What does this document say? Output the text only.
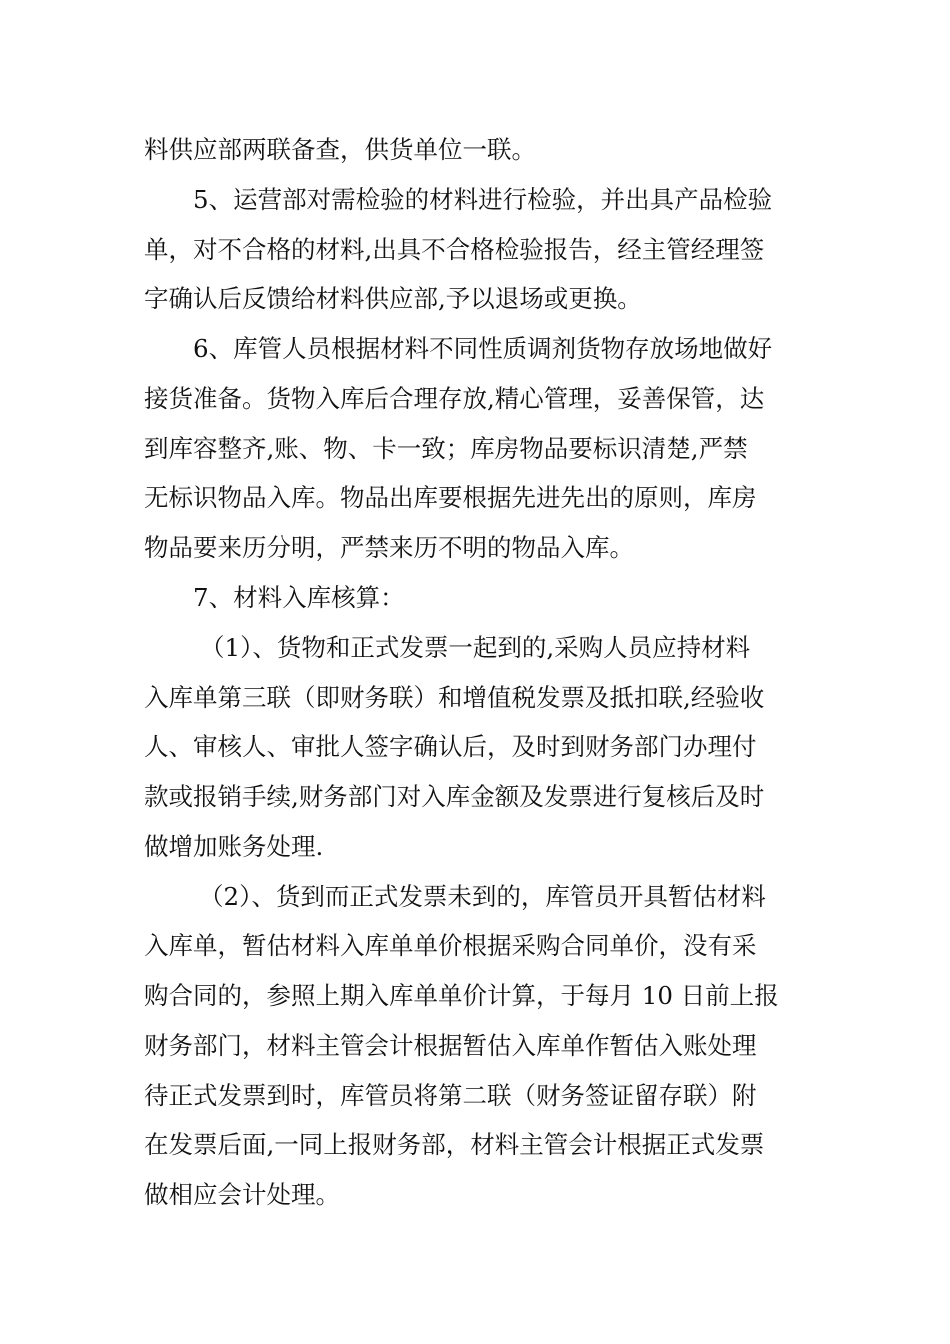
料供应部两联备查，供货单位一联。
5、运营部对需检验的材料进行检验，并出具产品检验
单，对不合格的材料,出具不合格检验报告，经主管经理签
字确认后反馈给材料供应部,予以退场或更换。
6、库管人员根据材料不同性质调剂货物存放场地做好
接货准备。货物入库后合理存放,精心管理，妥善保管，达
到库容整齐,账、物、卡一致；库房物品要标识清楚,严禁
无标识物品入库。物品出库要根据先进先出的原则，库房
物品要来历分明，严禁来历不明的物品入库。
7、材料入库核算：
（1）、货物和正式发票一起到的,采购人员应持材料
入库单第三联（即财务联）和增值税发票及抵扣联,经验收
人、审核人、审批人签字确认后，及时到财务部门办理付
款或报销手续,财务部门对入库金额及发票进行复核后及时
做增加账务处理.
（2）、货到而正式发票未到的，库管员开具暂估材料
入库单，暂估材料入库单单价根据采购合同单价，没有采
购合同的，参照上期入库单单价计算，于每月 10 日前上报
财务部门，材料主管会计根据暂估入库单作暂估入账处理
待正式发票到时，库管员将第二联（财务签证留存联）附
在发票后面,一同上报财务部，材料主管会计根据正式发票
做相应会计处理。
